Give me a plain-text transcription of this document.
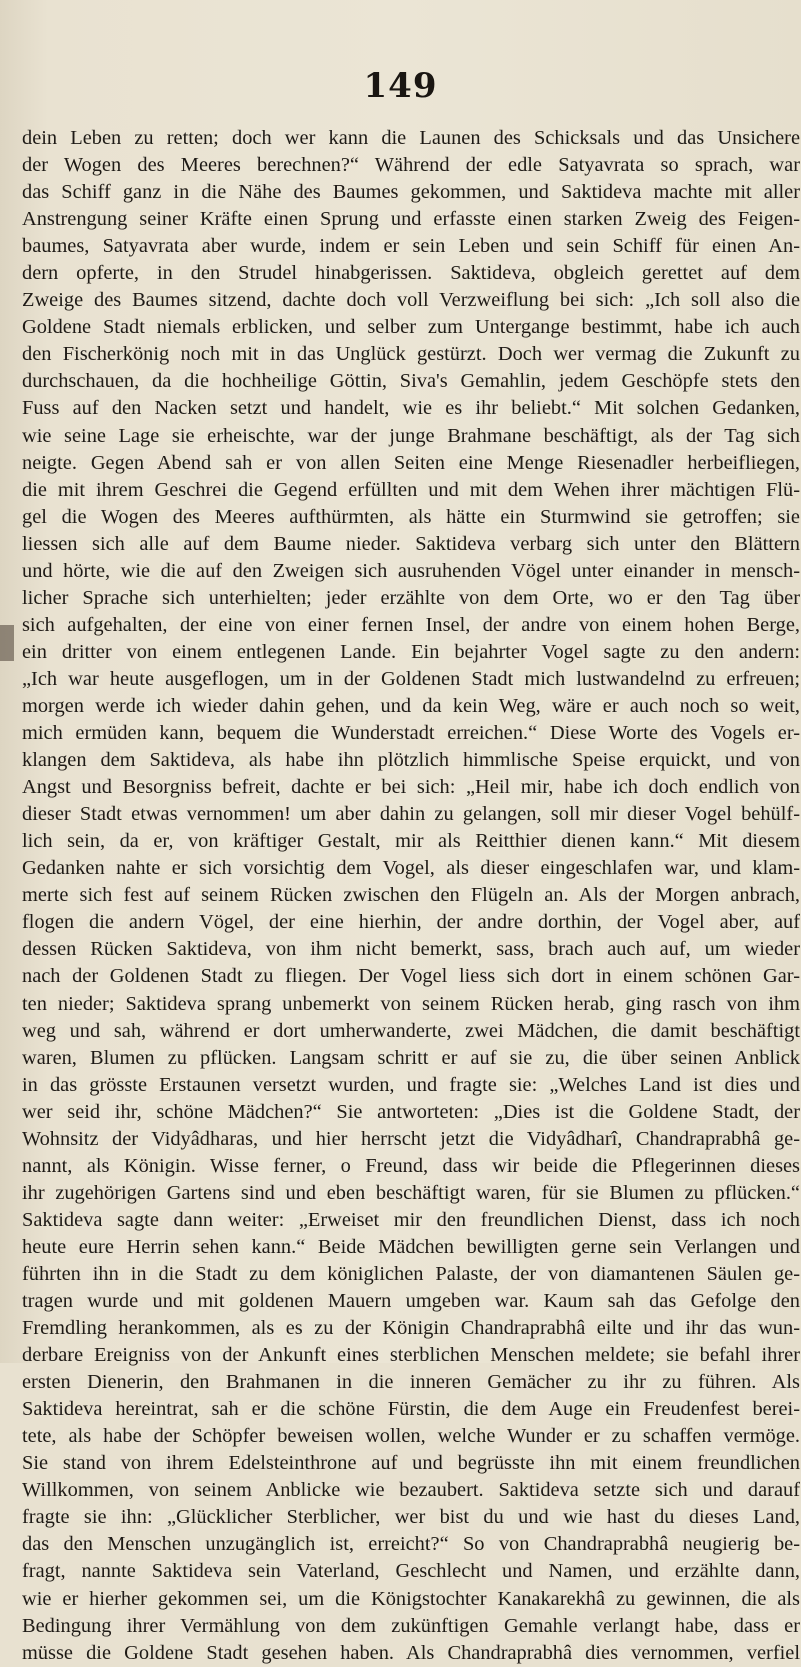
149
dein Leben zu retten; doch wer kann die Launen des Schicksals und das Unsichere
der Wogen des Meeres berechnen?“ Während der edle Satyavrata so sprach, war
das Schiff ganz in die Nähe des Baumes gekommen, und Saktideva machte mit aller
Anstrengung seiner Kräfte einen Sprung und erfasste einen starken Zweig des Feigen-
baumes, Satyavrata aber wurde, indem er sein Leben und sein Schiff für einen An-
dern opferte, in den Strudel hinabgerissen. Saktideva, obgleich gerettet auf dem
Zweige des Baumes sitzend, dachte doch voll Verzweiflung bei sich: „Ich soll also die
Goldene Stadt niemals erblicken, und selber zum Untergange bestimmt, habe ich auch
den Fischerkönig noch mit in das Unglück gestürzt. Doch wer vermag die Zukunft zu
durchschauen, da die hochheilige Göttin, Siva's Gemahlin, jedem Geschöpfe stets den
Fuss auf den Nacken setzt und handelt, wie es ihr beliebt.“ Mit solchen Gedanken,
wie seine Lage sie erheischte, war der junge Brahmane beschäftigt, als der Tag sich
neigte. Gegen Abend sah er von allen Seiten eine Menge Riesenadler herbeifliegen,
die mit ihrem Geschrei die Gegend erfüllten und mit dem Wehen ihrer mächtigen Flü-
gel die Wogen des Meeres aufthürmten, als hätte ein Sturmwind sie getroffen; sie
liessen sich alle auf dem Baume nieder. Saktideva verbarg sich unter den Blättern
und hörte, wie die auf den Zweigen sich ausruhenden Vögel unter einander in mensch-
licher Sprache sich unterhielten; jeder erzählte von dem Orte, wo er den Tag über
sich aufgehalten, der eine von einer fernen Insel, der andre von einem hohen Berge,
ein dritter von einem entlegenen Lande. Ein bejahrter Vogel sagte zu den andern:
„Ich war heute ausgeflogen, um in der Goldenen Stadt mich lustwandelnd zu erfreuen;
morgen werde ich wieder dahin gehen, und da kein Weg, wäre er auch noch so weit,
mich ermüden kann, bequem die Wunderstadt erreichen.“ Diese Worte des Vogels er-
klangen dem Saktideva, als habe ihn plötzlich himmlische Speise erquickt, und von
Angst und Besorgniss befreit, dachte er bei sich: „Heil mir, habe ich doch endlich von
dieser Stadt etwas vernommen! um aber dahin zu gelangen, soll mir dieser Vogel behülf-
lich sein, da er, von kräftiger Gestalt, mir als Reitthier dienen kann.“ Mit diesem
Gedanken nahte er sich vorsichtig dem Vogel, als dieser eingeschlafen war, und klam-
merte sich fest auf seinem Rücken zwischen den Flügeln an. Als der Morgen anbrach,
flogen die andern Vögel, der eine hierhin, der andre dorthin, der Vogel aber, auf
dessen Rücken Saktideva, von ihm nicht bemerkt, sass, brach auch auf, um wieder
nach der Goldenen Stadt zu fliegen. Der Vogel liess sich dort in einem schönen Gar-
ten nieder; Saktideva sprang unbemerkt von seinem Rücken herab, ging rasch von ihm
weg und sah, während er dort umherwanderte, zwei Mädchen, die damit beschäftigt
waren, Blumen zu pflücken. Langsam schritt er auf sie zu, die über seinen Anblick
in das grösste Erstaunen versetzt wurden, und fragte sie: „Welches Land ist dies und
wer seid ihr, schöne Mädchen?“ Sie antworteten: „Dies ist die Goldene Stadt, der
Wohnsitz der Vidyâdharas, und hier herrscht jetzt die Vidyâdharî, Chandraprabhâ ge-
nannt, als Königin. Wisse ferner, o Freund, dass wir beide die Pflegerinnen dieses
ihr zugehörigen Gartens sind und eben beschäftigt waren, für sie Blumen zu pflücken.“
Saktideva sagte dann weiter: „Erweiset mir den freundlichen Dienst, dass ich noch
heute eure Herrin sehen kann.“ Beide Mädchen bewilligten gerne sein Verlangen und
führten ihn in die Stadt zu dem königlichen Palaste, der von diamantenen Säulen ge-
tragen wurde und mit goldenen Mauern umgeben war. Kaum sah das Gefolge den
Fremdling herankommen, als es zu der Königin Chandraprabhâ eilte und ihr das wun-
derbare Ereigniss von der Ankunft eines sterblichen Menschen meldete; sie befahl ihrer
ersten Dienerin, den Brahmanen in die inneren Gemächer zu ihr zu führen. Als
Saktideva hereintrat, sah er die schöne Fürstin, die dem Auge ein Freudenfest berei-
tete, als habe der Schöpfer beweisen wollen, welche Wunder er zu schaffen vermöge.
Sie stand von ihrem Edelsteinthrone auf und begrüsste ihn mit einem freundlichen
Willkommen, von seinem Anblicke wie bezaubert. Saktideva setzte sich und darauf
fragte sie ihn: „Glücklicher Sterblicher, wer bist du und wie hast du dieses Land,
das den Menschen unzugänglich ist, erreicht?“ So von Chandraprabhâ neugierig be-
fragt, nannte Saktideva sein Vaterland, Geschlecht und Namen, und erzählte dann,
wie er hierher gekommen sei, um die Königstochter Kanakarekhâ zu gewinnen, die als
Bedingung ihrer Vermählung von dem zukünftigen Gemahle verlangt habe, dass er
müsse die Goldene Stadt gesehen haben. Als Chandraprabhâ dies vernommen, verfiel
